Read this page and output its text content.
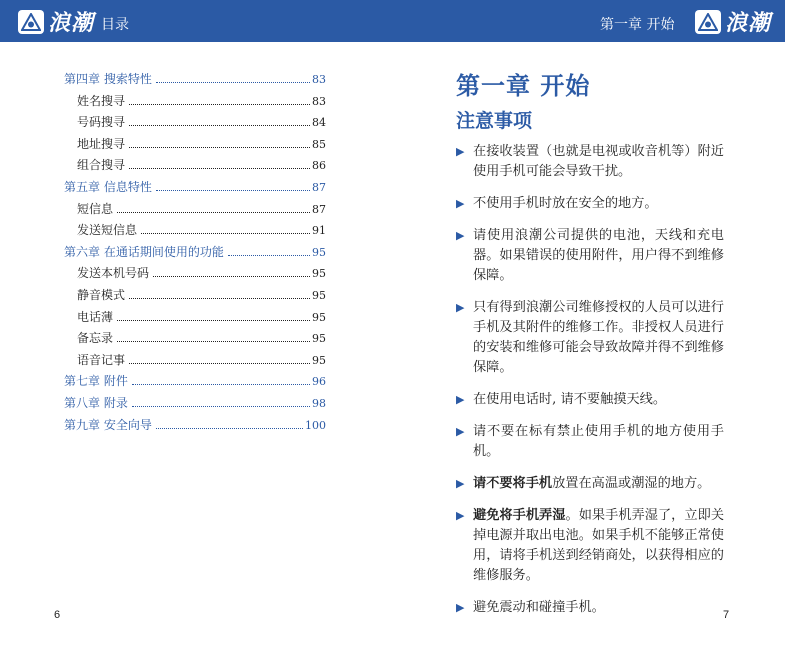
浪潮 目录	第一章 开始 浪潮
第四章 搜索特性	83
姓名搜寻	83
号码搜寻	84
地址搜寻	85
组合搜寻	86
第五章 信息特性	87
短信息	87
发送短信息	91
第六章 在通话期间使用的功能	95
发送本机号码	95
静音模式	95
电话薄	95
备忘录	95
语音记事	95
第七章 附件	96
第八章 附录	98
第九章 安全向导	100
6	7
第一章 开始
注意事项
▶ 在接收装置（也就是电视或收音机等）附近使用手机可能会导致干扰。
▶ 不使用手机时放在安全的地方。
▶ 请使用浪潮公司提供的电池，天线和充电器。如果错误的使用附件，用户得不到维修保障。
▶ 只有得到浪潮公司维修授权的人员可以进行手机及其附件的维修工作。非授权人员进行的安装和维修可能会导致故障并得不到维修保障。
▶ 在使用电话时, 请不要触摸天线。
▶ 请不要在标有禁止使用手机的地方使用手机。
▶ 请不要将手机放置在高温或潮湿的地方。
▶ 避免将手机弄湿。如果手机弄湿了，立即关掉电源并取出电池。如果手机不能够正常使用，请将手机送到经销商处，以获得相应的维修服务。
▶ 避免震动和碰撞手机。
